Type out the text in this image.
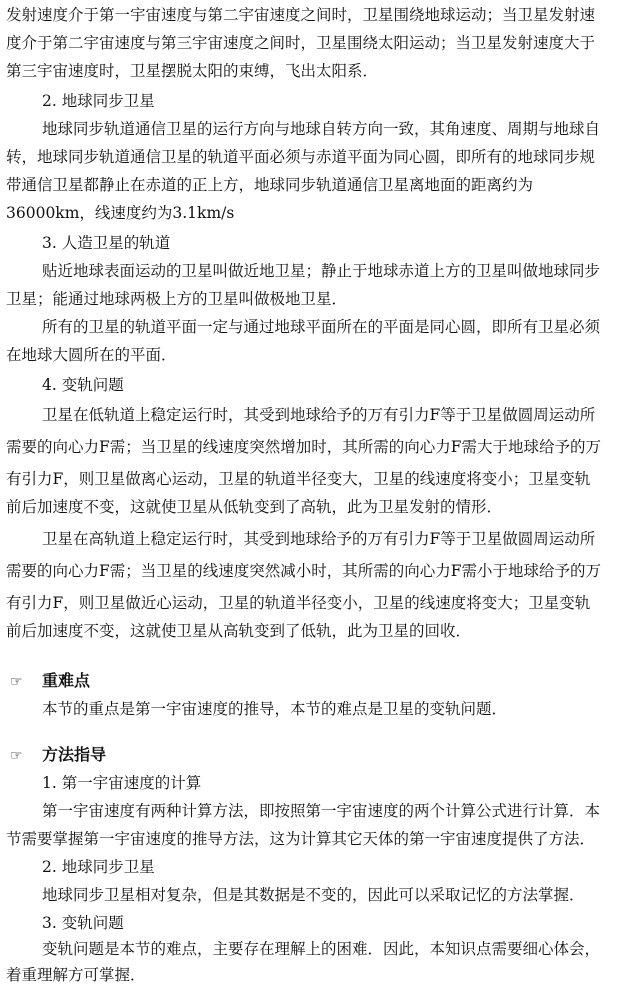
发射速度介于第一宇宙速度与第二宇宙速度之间时，卫星围绕地球运动；当卫星发射速
度介于第二宇宙速度与第三宇宙速度之间时，卫星围绕太阳运动；当卫星发射速度大于
第三宇宙速度时，卫星摆脱太阳的束缚，飞出太阳系．
2. 地球同步卫星
地球同步轨道通信卫星的运行方向与地球自转方向一致，其角速度、周期与地球自
转，地球同步轨道通信卫星的轨道平面必须与赤道平面为同心圆，即所有的地球同步规
带通信卫星都静止在赤道的正上方，地球同步轨道通信卫星离地面的距离约为
36000km，线速度约为3.1km/s
3. 人造卫星的轨道
贴近地球表面运动的卫星叫做近地卫星；静止于地球赤道上方的卫星叫做地球同步
卫星；能通过地球两极上方的卫星叫做极地卫星．
所有的卫星的轨道平面一定与通过地球平面所在的平面是同心圆，即所有卫星必须
在地球大圆所在的平面．
4. 变轨问题
卫星在低轨道上稳定运行时，其受到地球给予的万有引力F等于卫星做圆周运动所
需要的向心力F需；当卫星的线速度突然增加时，其所需的向心力F需大于地球给予的万
有引力F，则卫星做离心运动，卫星的轨道半径变大，卫星的线速度将变小；卫星变轨
前后加速度不变，这就使卫星从低轨变到了高轨，此为卫星发射的情形．
卫星在高轨道上稳定运行时，其受到地球给予的万有引力F等于卫星做圆周运动所
需要的向心力F需；当卫星的线速度突然减小时，其所需的向心力F需小于地球给予的万
有引力F，则卫星做近心运动，卫星的轨道半径变小，卫星的线速度将变大；卫星变轨
前后加速度不变，这就使卫星从高轨变到了低轨，此为卫星的回收．
☞ 重难点
本节的重点是第一宇宙速度的推导，本节的难点是卫星的变轨问题．
☞ 方法指导
1. 第一宇宙速度的计算
第一宇宙速度有两种计算方法，即按照第一宇宙速度的两个计算公式进行计算．本
节需要掌握第一宇宙速度的推导方法，这为计算其它天体的第一宇宙速度提供了方法．
2. 地球同步卫星
地球同步卫星相对复杂，但是其数据是不变的，因此可以采取记忆的方法掌握．
3. 变轨问题
变轨问题是本节的难点，主要存在理解上的困难．因此，本知识点需要细心体会，
着重理解方可掌握．
